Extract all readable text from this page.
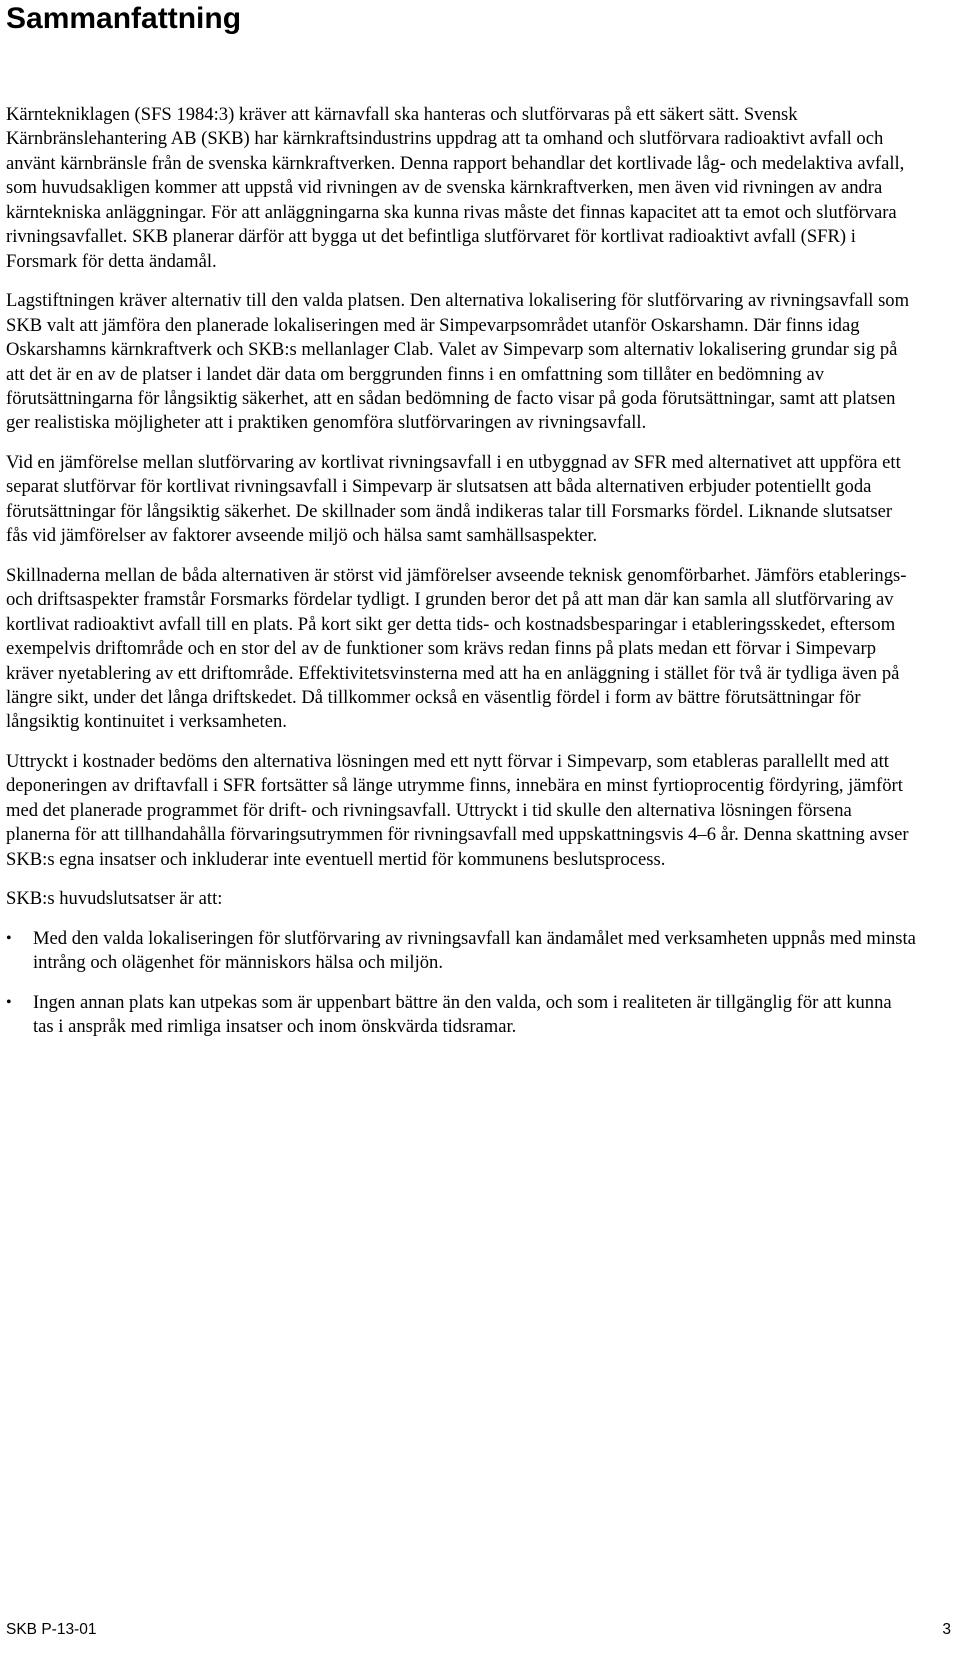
Sammanfattning

Kärntekniklagen (SFS 1984:3) kräver att kärnavfall ska hanteras och slutförvaras på ett säkert sätt. Svensk Kärnbränslehantering AB (SKB) har kärnkraftsindustrins uppdrag att ta omhand och slutförvara radioaktivt avfall och använt kärnbränsle från de svenska kärnkraftverken. Denna rapport behandlar det kortlivade låg- och medelaktiva avfall, som huvudsakligen kommer att uppstå vid rivningen av de svenska kärnkraftverken, men även vid rivningen av andra kärntekniska anläggningar. För att anläggningarna ska kunna rivas måste det finnas kapacitet att ta emot och slutförvara rivningsavfallet. SKB planerar därför att bygga ut det befintliga slutförvaret för kortlivat radioaktivt avfall (SFR) i Forsmark för detta ändamål.

Lagstiftningen kräver alternativ till den valda platsen. Den alternativa lokalisering för slutförvaring av rivningsavfall som SKB valt att jämföra den planerade lokaliseringen med är Simpevarpsområdet utanför Oskarshamn. Där finns idag Oskarshamns kärnkraftverk och SKB:s mellanlager Clab. Valet av Simpevarp som alternativ lokalisering grundar sig på att det är en av de platser i landet där data om berggrunden finns i en omfattning som tillåter en bedömning av förutsättningarna för långsiktig säkerhet, att en sådan bedömning de facto visar på goda förutsättningar, samt att platsen ger realistiska möjligheter att i praktiken genomföra slutförvaringen av rivningsavfall.

Vid en jämförelse mellan slutförvaring av kortlivat rivningsavfall i en utbyggnad av SFR med alternativet att uppföra ett separat slutförvar för kortlivat rivningsavfall i Simpevarp är slutsatsen att båda alternativen erbjuder potentiellt goda förutsättningar för långsiktig säkerhet. De skillnader som ändå indikeras talar till Forsmarks fördel. Liknande slutsatser fås vid jämförelser av faktorer avseende miljö och hälsa samt samhällsaspekter.

Skillnaderna mellan de båda alternativen är störst vid jämförelser avseende teknisk genomförbarhet. Jämförs etablerings- och driftsaspekter framstår Forsmarks fördelar tydligt. I grunden beror det på att man där kan samla all slutförvaring av kortlivat radioaktivt avfall till en plats. På kort sikt ger detta tids- och kostnadsbesparingar i etableringsskedet, eftersom exempelvis driftområde och en stor del av de funktioner som krävs redan finns på plats medan ett förvar i Simpevarp kräver nyetablering av ett driftområde. Effektivitetsvinsterna med att ha en anläggning i stället för två är tydliga även på längre sikt, under det långa driftskedet. Då tillkommer också en väsentlig fördel i form av bättre förutsättningar för långsiktig kontinuitet i verksamheten.

Uttryckt i kostnader bedöms den alternativa lösningen med ett nytt förvar i Simpevarp, som etableras parallellt med att deponeringen av driftavfall i SFR fortsätter så länge utrymme finns, innebära en minst fyrtioprocentig fördyring, jämfört med det planerade programmet för drift- och rivningsavfall. Uttryckt i tid skulle den alternativa lösningen försena planerna för att tillhandahålla förvaringsutrymmen för rivningsavfall med uppskattningsvis 4–6 år. Denna skattning avser SKB:s egna insatser och inkluderar inte eventuell mertid för kommunens beslutsprocess.

SKB:s huvudslutsatser är att:

• Med den valda lokaliseringen för slutförvaring av rivningsavfall kan ändamålet med verksamheten uppnås med minsta intrång och olägenhet för människors hälsa och miljön.
• Ingen annan plats kan utpekas som är uppenbart bättre än den valda, och som i realiteten är tillgänglig för att kunna tas i anspråk med rimliga insatser och inom önskvärda tidsramar.
SKB P-13-01	3
